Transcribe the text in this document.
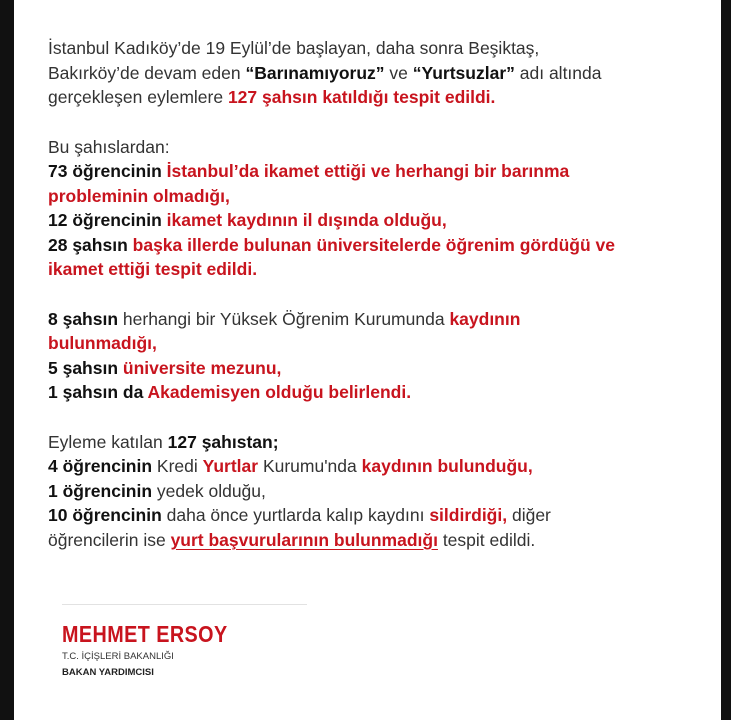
İstanbul Kadıköy’de 19 Eylül’de başlayan, daha sonra Beşiktaş,
Bakırköy’de devam eden “Barınamıyoruz” ve “Yurtsuzlar” adı altında
gerçekleşen eylemlere 127 şahsın katıldığı tespit edildi.
Bu şahıslardan:
73 öğrencinin İstanbul’da ikamet ettiği ve herhangi bir barınma
probleminin olmadığı,
12 öğrencinin ikamet kaydının il dışında olduğu,
28 şahsın başka illerde bulunan üniversitelerde öğrenim gördüğü ve
ikamet ettiği tespit edildi.
8 şahsın herhangi bir Yüksek Öğrenim Kurumunda kaydının
bulunmadığı,
5 şahsın üniversite mezunu,
1 şahsın da Akademisyen olduğu belirlendi.
Eyleme katılan 127 şahıstan;
4 öğrencinin Kredi Yurtlar Kurumu'nda kaydının bulunduğu,
1 öğrencinin yedek olduğu,
10 öğrencinin daha önce yurtlarda kalıp kaydını sildirdiği, diğer
öğrencilerin ise yurt başvurularının bulunmadığı tespit edildi.
MEHMET ERSOY
T.C. İÇİŞLERİ BAKANLIĞI
BAKAN YARDIMCISI
